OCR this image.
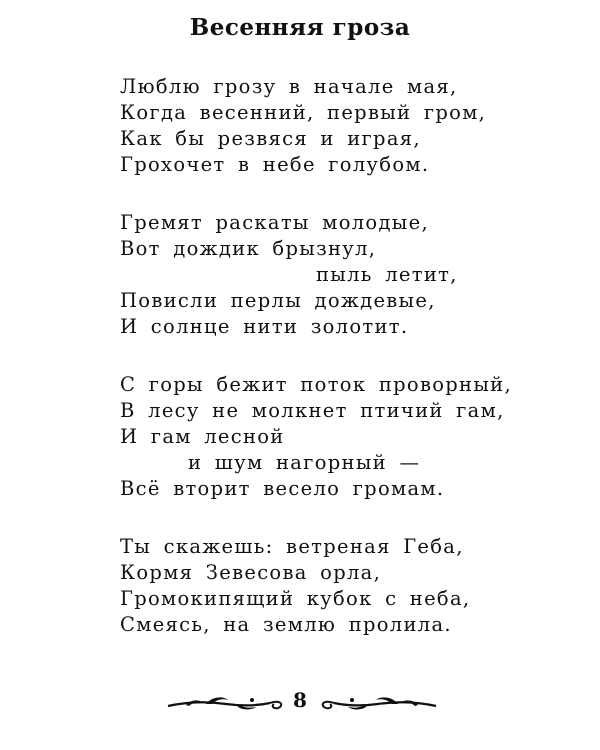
Весенняя гроза
Люблю грозу в начале мая,
Когда весенний, первый гром,
Как бы резвяся и играя,
Грохочет в небе голубом.
Гремят раскаты молодые,
Вот дождик брызнул,
пыль летит,
Повисли перлы дождевые,
И солнце нити золотит.
С горы бежит поток проворный,
В лесу не молкнет птичий гам,
И гам лесной
и шум нагорный —
Всё вторит весело громам.
Ты скажешь: ветреная Геба,
Кормя Зевесова орла,
Громокипящий кубок с неба,
Смеясь, на землю пролила.
8
